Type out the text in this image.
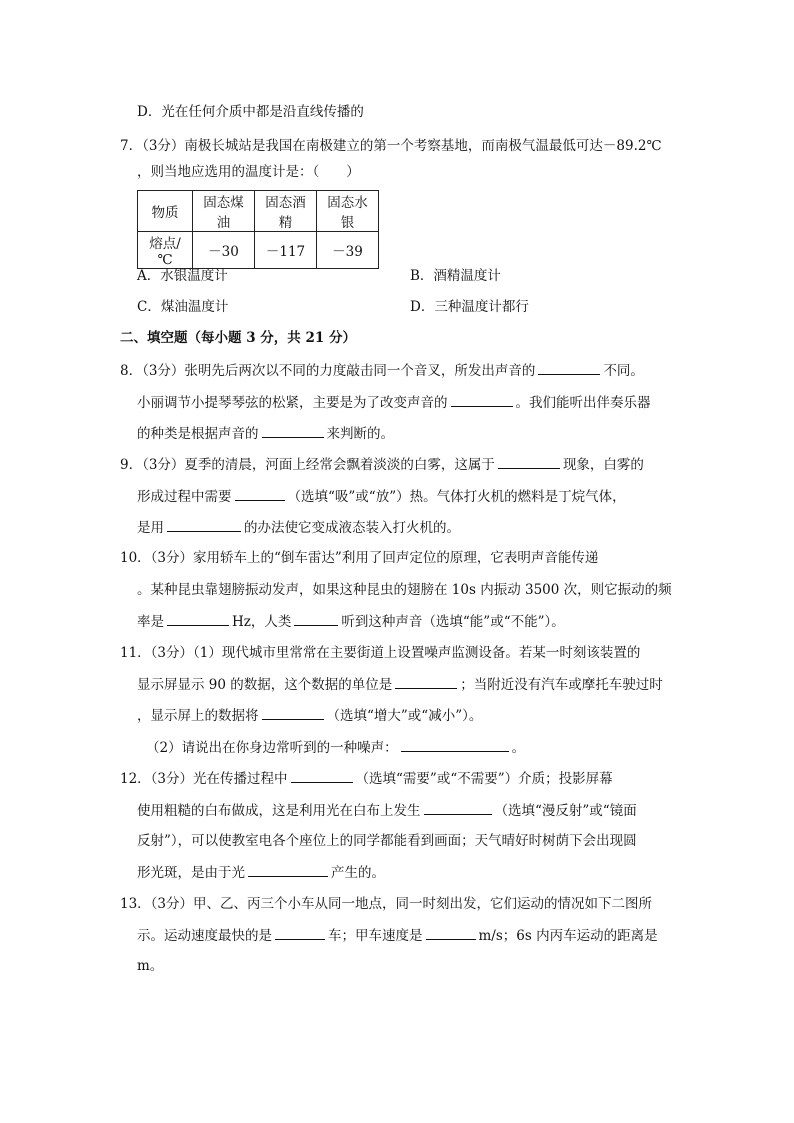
D．光在任何介质中都是沿直线传播的
7．（3分）南极长城站是我国在南极建立的第一个考察基地，而南极气温最低可达－89.2℃
，则当地应选用的温度计是：（　　）
物质	固态煤油	固态酒精	固态水银
熔点/℃	－30	－117	－39
A．水银温度计	B．酒精温度计
C．煤油温度计	D．三种温度计都行
二、填空题（每小题 3 分，共 21 分）
8．（3分）张明先后两次以不同的力度敲击同一个音叉，所发出声音的	不同。
小丽调节小提琴琴弦的松紧，主要是为了改变声音的	。我们能听出伴奏乐器
的种类是根据声音的	来判断的。
9．（3分）夏季的清晨，河面上经常会飘着淡淡的白雾，这属于	现象，白雾的
形成过程中需要	（选填“吸”或“放”）热。气体打火机的燃料是丁烷气体，
是用	的办法使它变成液态装入打火机的。
10．（3分）家用轿车上的“倒车雷达”利用了回声定位的原理，它表明声音能传递
。某种昆虫靠翅膀振动发声，如果这种昆虫的翅膀在 10s 内振动 3500 次，则它振动的频
率是	Hz，人类	听到这种声音（选填“能”或“不能”）。
11．（3分）（1）现代城市里常常在主要街道上设置噪声监测设备。若某一时刻该装置的
显示屏显示 90 的数据，这个数据的单位是	；当附近没有汽车或摩托车驶过时
，显示屏上的数据将	（选填“增大”或“减小”）。
（2）请说出在你身边常听到的一种噪声：	。
12．（3分）光在传播过程中	（选填“需要”或“不需要”）介质；投影屏幕
使用粗糙的白布做成，这是利用光在白布上发生	（选填“漫反射”或“镜面
反射”），可以使教室电各个座位上的同学都能看到画面；天气晴好时树荫下会出现圆
形光斑，是由于光	产生的。
13．（3分）甲、乙、丙三个小车从同一地点，同一时刻出发，它们运动的情况如下二图所
示。运动速度最快的是	车；甲车速度是	m/s；6s 内丙车运动的距离是
m。
